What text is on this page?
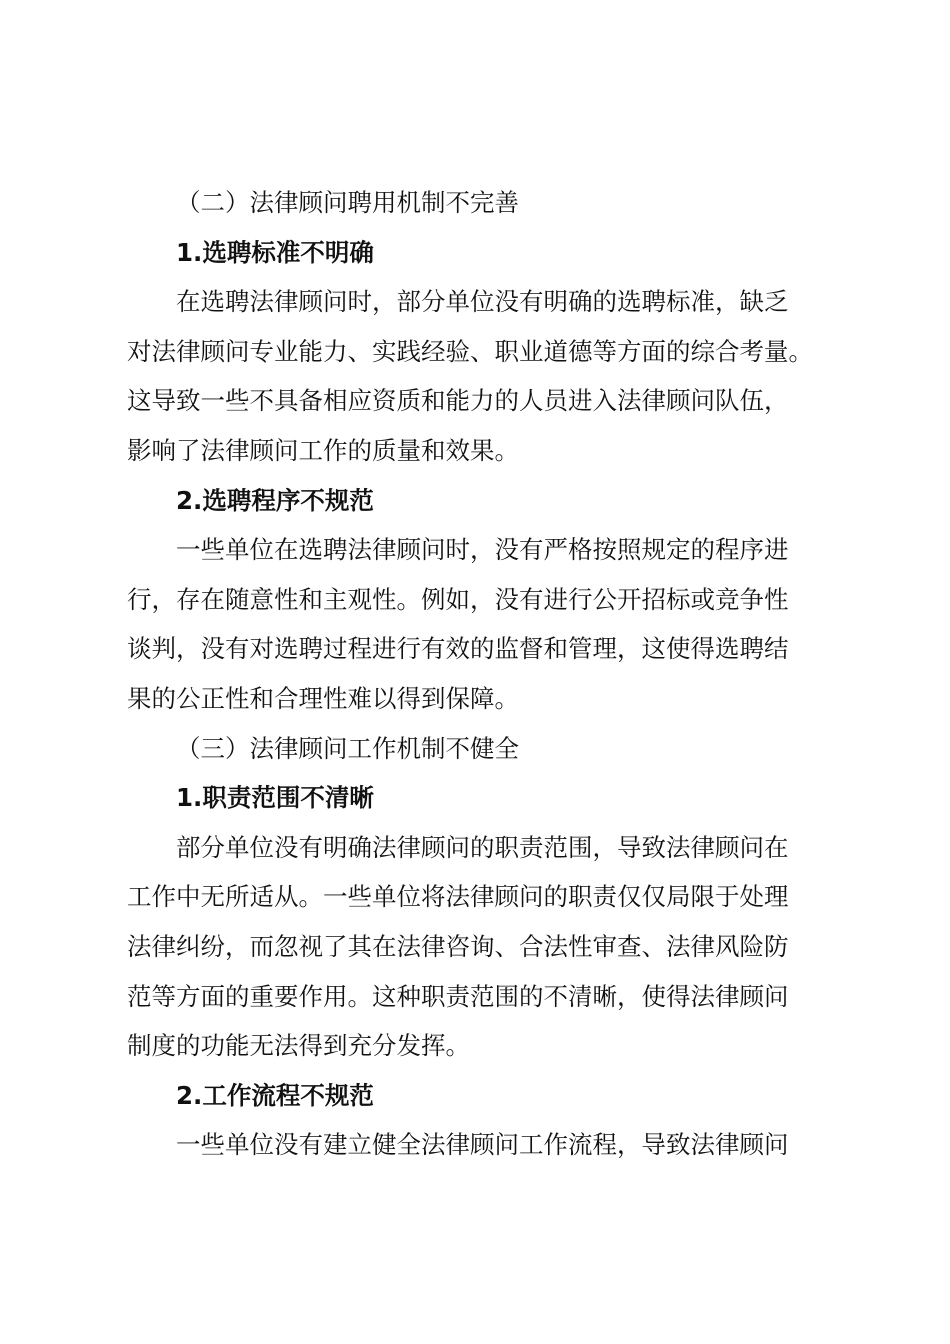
（二）法律顾问聘用机制不完善
1.选聘标准不明确
在选聘法律顾问时，部分单位没有明确的选聘标准，缺乏
对法律顾问专业能力、实践经验、职业道德等方面的综合考量。
这导致一些不具备相应资质和能力的人员进入法律顾问队伍，
影响了法律顾问工作的质量和效果。
2.选聘程序不规范
一些单位在选聘法律顾问时，没有严格按照规定的程序进
行，存在随意性和主观性。例如，没有进行公开招标或竞争性
谈判，没有对选聘过程进行有效的监督和管理，这使得选聘结
果的公正性和合理性难以得到保障。
（三）法律顾问工作机制不健全
1.职责范围不清晰
部分单位没有明确法律顾问的职责范围，导致法律顾问在
工作中无所适从。一些单位将法律顾问的职责仅仅局限于处理
法律纠纷，而忽视了其在法律咨询、合法性审查、法律风险防
范等方面的重要作用。这种职责范围的不清晰，使得法律顾问
制度的功能无法得到充分发挥。
2.工作流程不规范
一些单位没有建立健全法律顾问工作流程，导致法律顾问
